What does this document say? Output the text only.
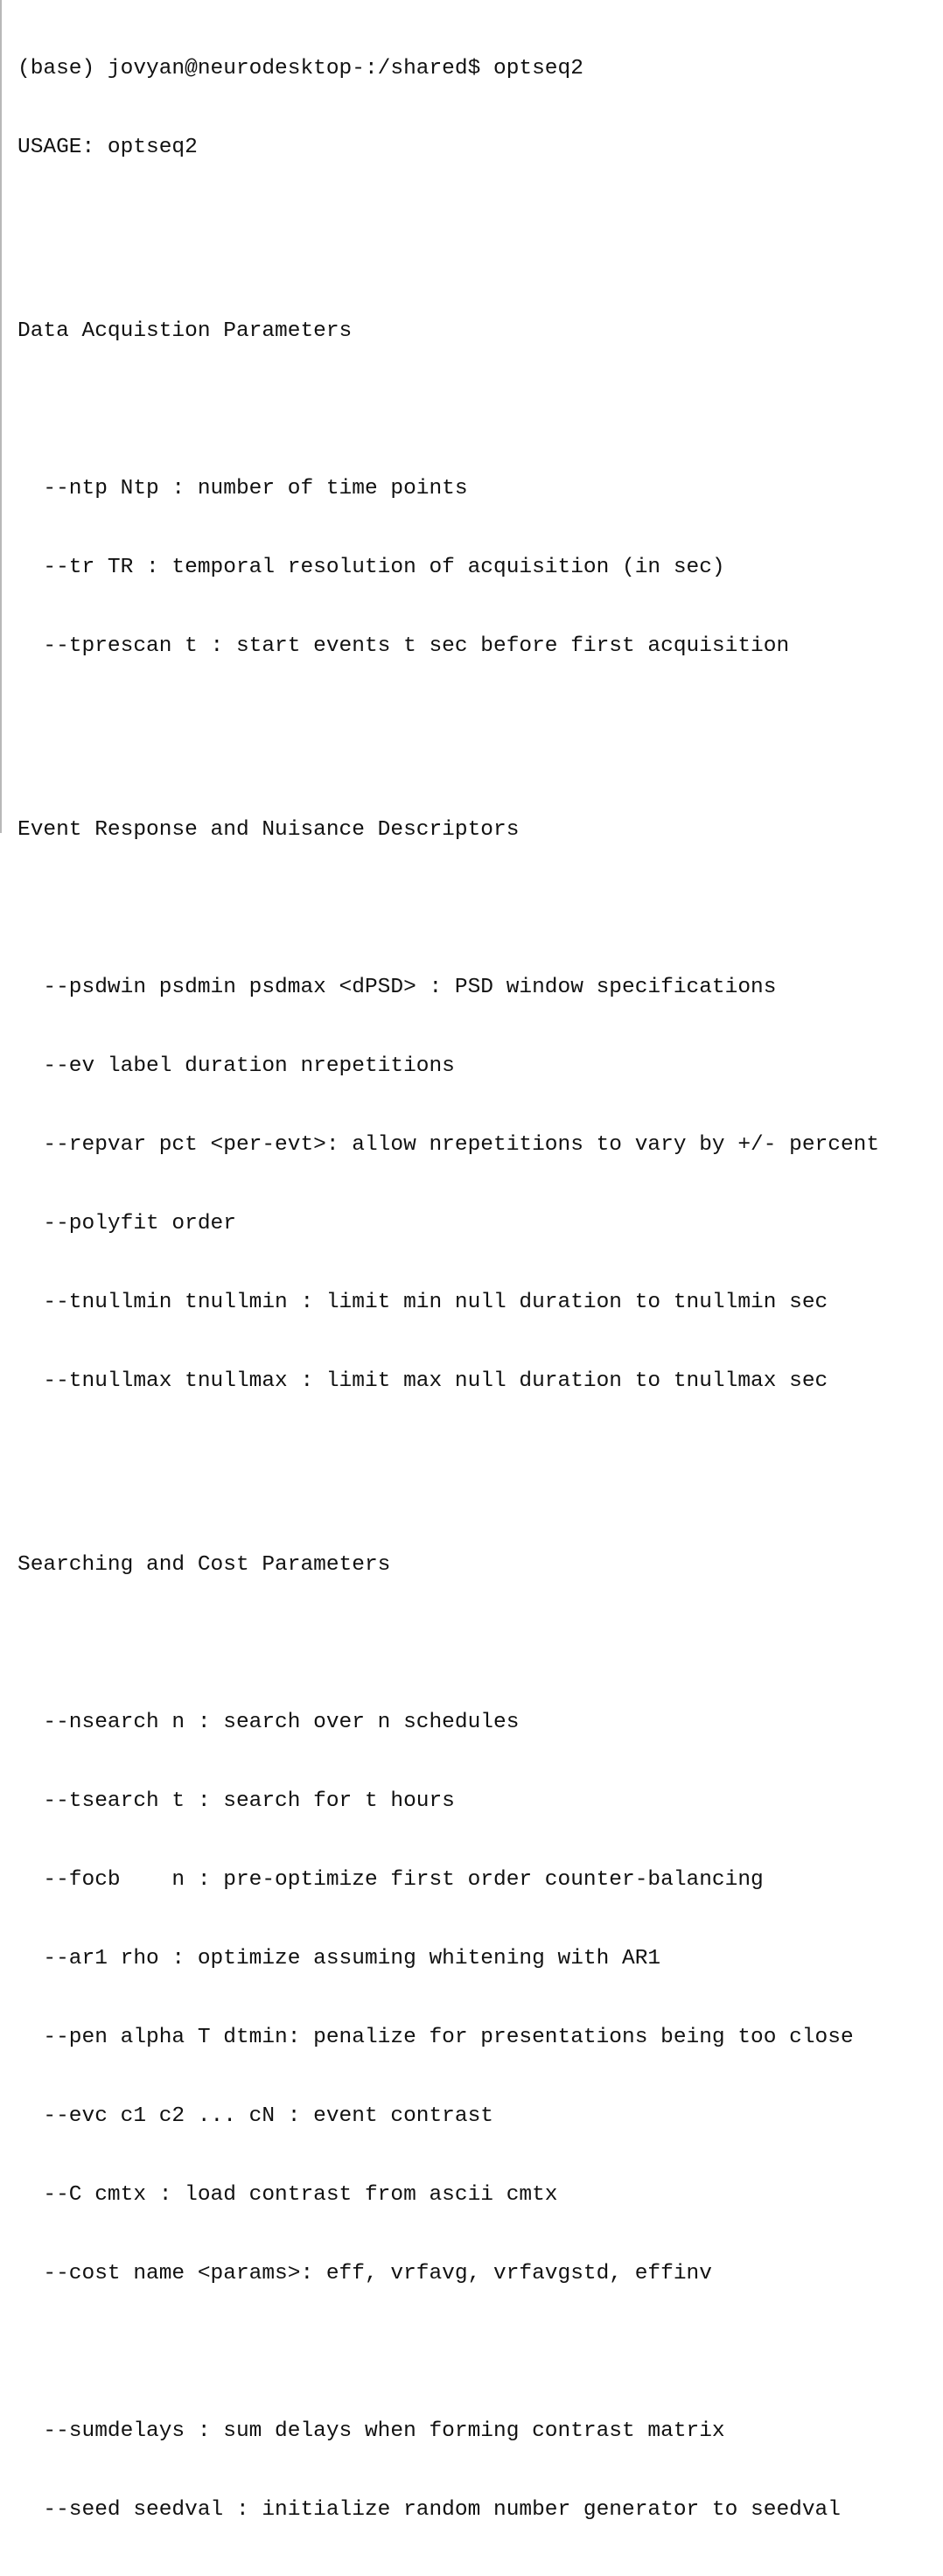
(base) jovyan@neurodesktop-:/shared$ optseq2

USAGE: optseq2

Data Acquistion Parameters

--ntp Ntp : number of time points

--tr TR : temporal resolution of acquisition (in sec)

--tprescan t : start events t sec before first acquisition

Event Response and Nuisance Descriptors

--psdwin psdmin psdmax <dPSD> : PSD window specifications

--ev label duration nrepetitions

--repvar pct <per-evt>: allow nrepetitions to vary by +/- percent

--polyfit order

--tnullmin tnullmin : limit min null duration to tnullmin sec

--tnullmax tnullmax : limit max null duration to tnullmax sec

Searching and Cost Parameters

--nsearch n : search over n schedules

--tsearch t : search for t hours

--focb    n : pre-optimize first order counter-balancing

--ar1 rho : optimize assuming whitening with AR1

--pen alpha T dtmin: penalize for presentations being too close

--evc c1 c2 ... cN : event contrast

--C cmtx : load contrast from ascii cmtx

--cost name <params>: eff, vrfavg, vrfavgstd, effinv

--sumdelays : sum delays when forming contrast matrix

--seed seedval : initialize random number generator to seedval
